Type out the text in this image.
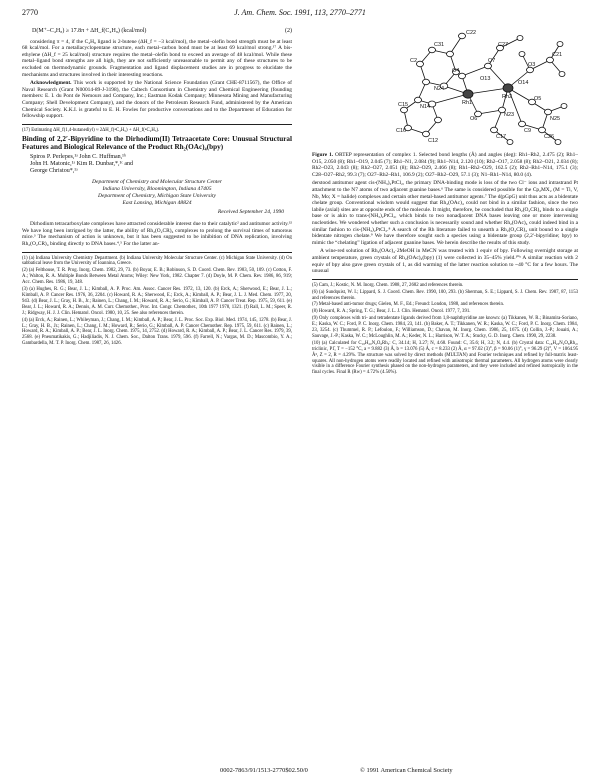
2770	J. Am. Chem. Soc. 1991, 113, 2770–2771

D(M⁺–C₄H₈) ≥ 17.8π + ΔH_f(C₄H₈) (kcal/mol)	(2)

considering π = 4, if the C₄H₈ ligand is 2-butene (ΔH_f = −3 kcal/mol), the metal–olefin bond strength must be at least 68 kcal/mol. For a metallacyclopentane structure, each metal–carbon bond must be at least 69 kcal/mol strong.¹⁷ A bis-ethylene (ΔH_f = 25 kcal/mol) structure requires the metal–olefin bond to exceed an average of 48 kcal/mol. While these metal–ligand bond strengths are all high, they are not sufficiently unreasonable to permit any of these structures to be excluded on thermodynamic grounds. Fragmentation and ligand displacement studies are in progress to elucidate the mechanisms and structures involved in their interesting reactions.

Acknowledgment. This work is supported by the National Science Foundation (Grant CHE-8711567), the Office of Naval Research (Grant N00014-89-J-3198), the Caltech Consortium in Chemistry and Chemical Engineering (founding members: E. I. du Pont de Nemours and Company, Inc.; Eastman Kodak Company; Minnesota Mining and Manufacturing Company; Shell Development Company), and the donors of the Petroleum Research Fund, administered by the American Chemical Society. K.K.I. is grateful to E. H. Fowles for productive conversations and to the Department of Education for fellowship support.

(17) Estimating ΔH_f(1,4-butanediyl) ≈ 2ΔH_f(•C₂H₅) + ΔH_f(•C₂H₅).

Binding of 2,2′-Bipyridine to the Dirhodium(II) Tetraacetate Core: Unusual Structural Features and Biological Relevance of the Product Rh₂(OAc)₄(bpy)

Spiros P. Perlepes,¹ᵃ John C. Huffman,¹ᵇ
John H. Matonic,¹ᵃ Kim R. Dunbar,*,¹ᶜ and
George Christou*,¹ᵃ
Department of Chemistry and Molecular Structure Center
Indiana University, Bloomington, Indiana 47405
Department of Chemistry, Michigan State University
East Lansing, Michigan 48824
Received September 24, 1990

Dirhodium tetracarboxylate complexes have attracted considerable interest due to their catalytic² and antitumor activity.³² We have long been intrigued by the latter, the ability of Rh₂(O₂CR)₄ complexes to prolong the survival times of tumorous mice.³ The mechanism of action is unknown, but it has been suggested to be inhibition of DNA replication, involving Rh₂(O₂CR)₄ binding directly to DNA bases.⁴,⁵ For the latter an-

(1) (a) Indiana University Chemistry Department. (b) Indiana University Molecular Structure Center. (c) Michigan State University. (d) On sabbatical leave from the University of Ioannina, Greece.

(2) (a) Felthouse, T. R. Prog. Inorg. Chem. 1982, 29, 73. (b) Boyar, E. B.; Robinson, S. D. Coord. Chem. Rev. 1983, 50, 109. (c) Cotton, F. A.; Walton, R. A. Multiple Bonds Between Metal Atoms; Wiley: New York, 1982. Chapter 7. (d) Doyle, M. P. Chem. Rev. 1986, 86, 919; Acc. Chem. Res. 1986, 19, 348.

(3) (a) Hughes, R. G.; Bear, J. L.; Kimball, A. P. Proc. Am. Assoc. Cancer Res. 1972, 13, 120. (b) Erck, A.; Sherwood, E.; Bear, J. L.; Kimball, A. P. Cancer Res. 1976, 36, 2204. (c) Howard, R. A.; Sherwood, E.; Erck, A.; Kimball, A. P.; Bear, J. L. J. Med. Chem. 1977, 20, 943. (d) Bear, J. L.; Gray, H. B., Jr.; Rainen, L.; Chang, I. M.; Howard, R. A.; Serio, G.; Kimball, A. P. Cancer Treat. Rep. 1975, 59, 611. (e) Bear, J. L.; Howard, R. A.; Dennis, A. M. Curr. Chemother., Proc. Int. Congr. Chemother., 10th 1977 1978, 1321. (f) Rall, L. M.; Speer, R. J.; Ridgway, H. J. J. Clin. Hematol. Oncol. 1980, 10, 25. See also references therein.

(4) (a) Erck, A.; Rainen, L.; Whileyman, J.; Chang, I. M.; Kimball, A. P.; Bear, J. L. Proc. Soc. Exp. Biol. Med. 1974, 145, 1278. (b) Bear, J. L.; Gray, H. B., Jr.; Rainen, L.; Chang, I. M.; Howard, R.; Serio, G.; Kimball, A. P. Cancer Chemother. Rep. 1975, 59, 611. (c) Rainen, L.; Howard, R. A.; Kimball, A. P.; Bear, J. L. Inorg. Chem. 1975, 14, 2752. (d) Howard, R. A.; Kimball, A. P.; Bear, J. L. Cancer Res. 1979, 39, 2568. (e) Pneumatikakis, G.; Hadjiliadis, N. J. Chem. Soc., Dalton Trans. 1979, 596. (f) Farrell, N.; Vargas, M. D.; Mascombio, Y. A.; Gambardella, M. T. P. Inorg. Chem. 1987, 26, 1426.

C22
C31
N24
N14
Rh1
Rh2
O4
O6
O7
O3
O5
C9
C15
C16
C12
C21
C2
N25
C27
C17
N23
C26
O13
O14

Figure 1. ORTEP representation of complex 1. Selected bond lengths (Å) and angles (deg): Rh1–Rh2, 2.475 (2); Rh1–O15, 2.050 (8); Rh1–O19, 2.045 (7); Rh1–N1, 2.084 (9); Rh1–N14, 2.120 (10); Rh2–O17, 2.058 (8); Rh2–O21, 2.034 (8); Rh2–O23, 2.043 (8); Rh2–O27, 2.051 (8); Rh2–O29, 2.466 (8); Rh1–Rh2–O29, 162.5 (2); Rh2–Rh1–N14, 175.1 (3); C28–O27–Rh2, 99.3 (7); O27–Rh2–Rh1, 106.9 (2); O27–Rh2–O29, 57.1 (3); N1–Rh1–N14, 80.0 (4).

derstood antitumor agent cis-(NH₃)₂PtCl₂, the primary DNA-binding mode is loss of the two Cl⁻ ions and intrastrand Pt attachment to the N7 atoms of two adjacent guanine bases.⁶ The same is considered possible for the Cp₂MX₂ (M = Ti, V, Nb, Mo; X = halide) complexes and certain other metal-based antitumor agents.⁷ The d(pGpG) unit thus acts as a bidentate chelate group. Conventional wisdom would suggest that Rh₂(OAc)₄ could not bind in a similar fashion, since the two labile (axial) sites are at opposite ends of the molecule. It might, therefore, be concluded that Rh₂(O₂CR)₄ binds to a single base or is akin to trans-(NH₃)₂PtCl₂, which binds to two nonadjacent DNA bases leaving one or more intervening nucleotides. We wondered whether such a conclusion is necessarily sound and whether Rh₂(OAc)₄ could indeed bind in a similar fashion to cis-(NH₃)₂PtCl₂.⁸ A search of the Rh literature failed to unearth a Rh₂(O₂CR)₄ unit bound to a single bidentate nitrogen chelate.⁹ We have therefore sought such a species using a bidentate group (2,2′-bipyridine; bpy) to mimic the “chelating” ligation of adjacent guanine bases. We herein describe the results of this study.

A wine-red solution of Rh₂(OAc)₄·2MeOH in MeCN was treated with 1 equiv of bpy. Following overnight storage at ambient temperature, green crystals of Rh₂(OAc)₄(bpy) (1) were collected in 35–45% yield.¹⁰ᵃ A similar reaction with 2 equiv of bpy also gave green crystals of 1, as did warming of the latter reaction solution to ~40 °C for a few hours. The unusual

(5) Cam, J.; Kostic, N. M. Inorg. Chem. 1988, 27, 2682 and references therein.

(6) (a) Sundquist, W. I.; Lippard, S. J. Coord. Chem. Rev. 1990, 100, 293. (b) Sherman, S. E.; Lippard, S. J. Chem. Rev. 1987, 87, 1153 and references therein.

(7) Metal-based anti-tumor drugs; Gielen, M. F., Ed.; Freund: London, 1988, and references therein.

(8) Howard, R. A.; Spring, T. G.; Bear, J. L. J. Clin. Hematol. Oncol. 1977, 7, 391.

(9) Only complexes with tri- and tetradentate ligands derived from 1,8-naphthyridine are known: (a) Tikkanen, W. R.; Binamira-Soriano, E.; Kaska, W. C.; Ford, P. C. Inorg. Chem. 1984, 23, 141. (b) Baker, A. T.; Tikkanen, W. R.; Kaska, W. C.; Ford, P. C. Inorg. Chem. 1984, 23, 3254. (c) Thummel, R. P.; Lefoulon, F.; Williamson, D.; Chavan, M. Inorg. Chem. 1986, 25, 1675. (d) Collin, J.-P.; Jouaiti, A.; Sauvage, J.-P.; Kaska, W. C.; McLoughlin, M. A.; Keder, N. L.; Harrison, W. T. A.; Stucky, G. D. Inorg. Chem. 1990, 29, 2238.

(10) (a) Calculated for C₁₈H₂₀N₂O₈Rh₂: C, 34.14; H, 3.27; N, 4.68. Found: C, 35.6; H, 3.2; N, 4.4. (b) Crystal data: C₁₈H₂₀N₂O₈Rh₂, triclinic, P1̄, T = −152 °C, a = 9.882 (3) Å, b = 13.076 (5) Å, c = 8.233 (2) Å, α = 97.02 (3)°, β = 90.06 (1)°, γ = 96.29 (2)°, V = 1064.95 Å³, Z = 2, R = 4.29%. The structure was solved by direct methods (MULTAN) and Fourier techniques and refined by full-matrix least-squares. All non-hydrogen atoms were readily located and refined with anisotropic thermal parameters. All hydrogen atoms were clearly visible in a difference Fourier synthesis phased on the non-hydrogen parameters, and they were included and refined isotropically in the final cycles. Final R (Rw) = 4.72% (4.50%).

0002-7863/91/1513-2770$02.50/0	© 1991 American Chemical Society
